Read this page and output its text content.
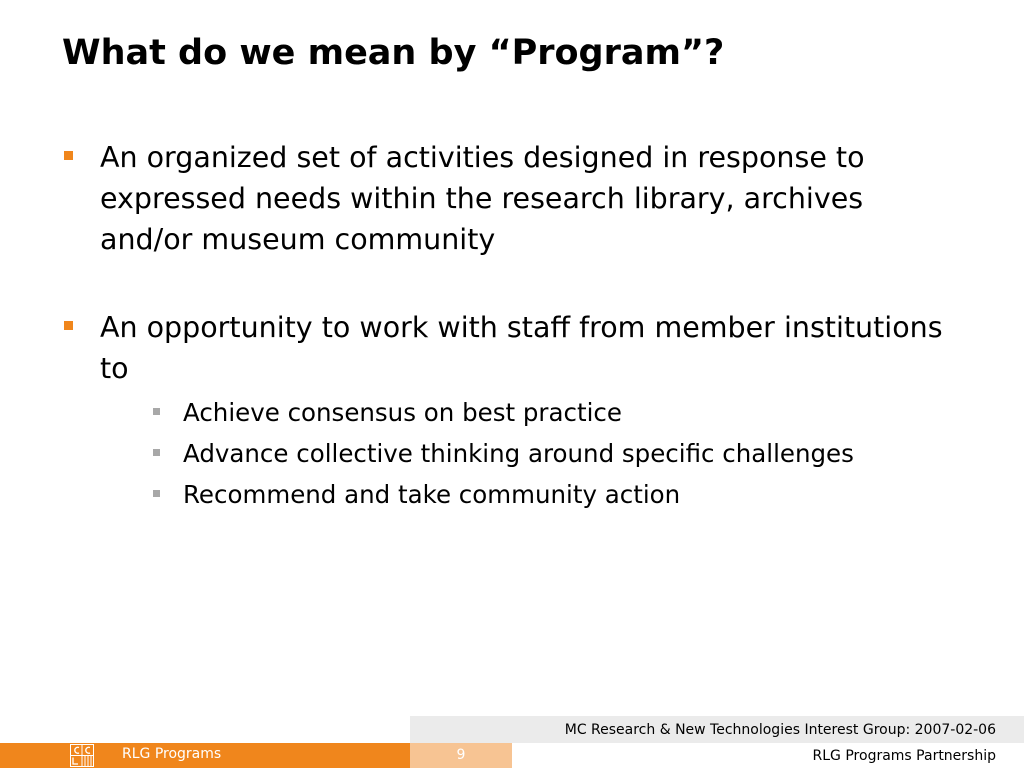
What do we mean by “Program”?
An organized set of activities designed in response to expressed needs within the research library, archives and/or museum community
An opportunity to work with staff from member institutions to
Achieve consensus on best practice
Advance collective thinking around specific challenges
Recommend and take community action
MC Research & New Technologies Interest Group: 2007-02-06
RLG Programs	9	RLG Programs Partnership
